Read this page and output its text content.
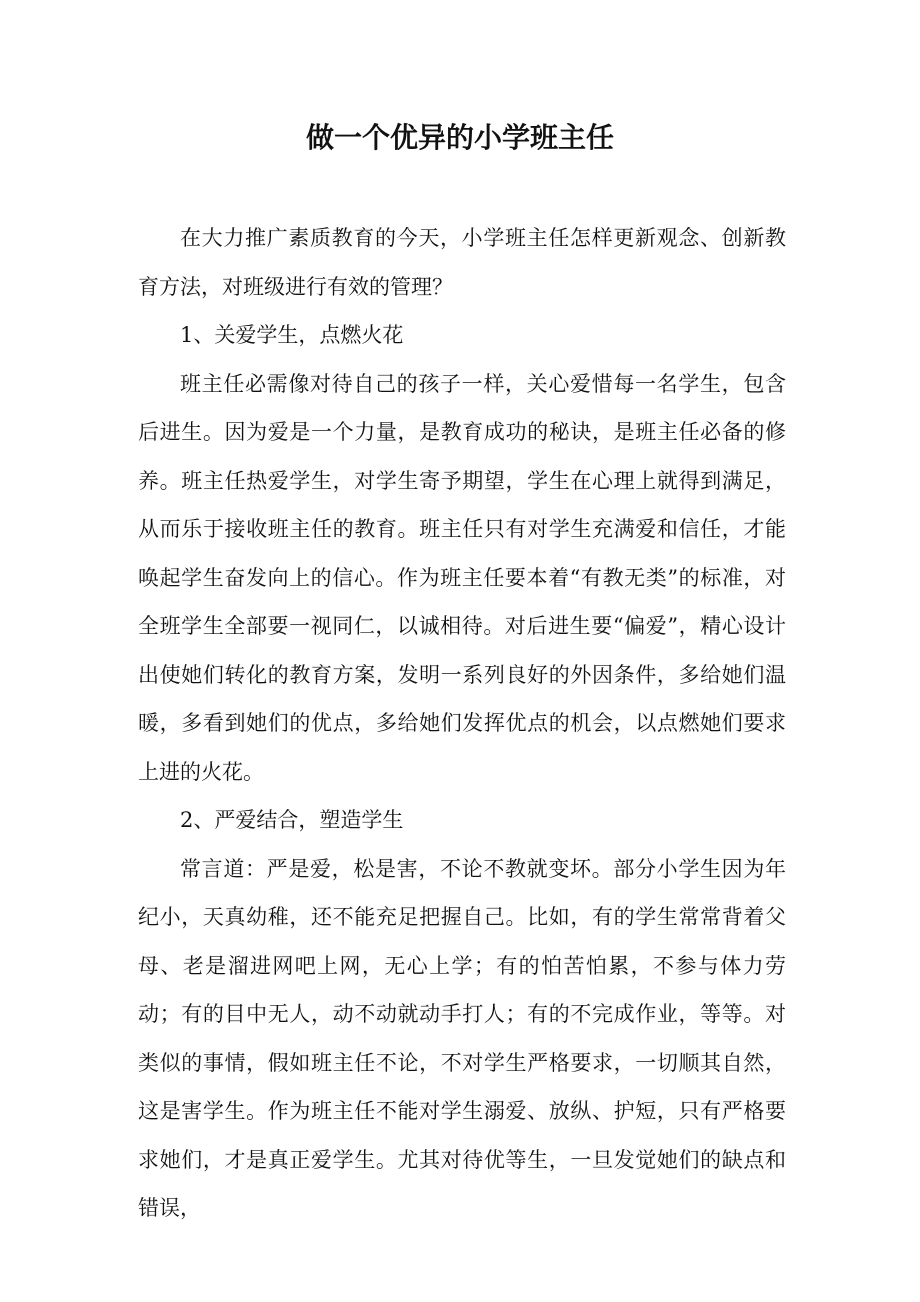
做一个优异的小学班主任

在大力推广素质教育的今天，小学班主任怎样更新观念、创新教育方法，对班级进行有效的管理？

1、关爱学生，点燃火花

班主任必需像对待自己的孩子一样，关心爱惜每一名学生，包含后进生。因为爱是一个力量，是教育成功的秘诀，是班主任必备的修养。班主任热爱学生，对学生寄予期望，学生在心理上就得到满足，从而乐于接收班主任的教育。班主任只有对学生充满爱和信任，才能唤起学生奋发向上的信心。作为班主任要本着“有教无类”的标准，对全班学生全部要一视同仁，以诚相待。对后进生要“偏爱”，精心设计出使她们转化的教育方案，发明一系列良好的外因条件，多给她们温暖，多看到她们的优点，多给她们发挥优点的机会，以点燃她们要求上进的火花。

2、严爱结合，塑造学生

常言道：严是爱，松是害，不论不教就变坏。部分小学生因为年纪小，天真幼稚，还不能充足把握自己。比如，有的学生常常背着父母、老是溜进网吧上网，无心上学；有的怕苦怕累，不参与体力劳动；有的目中无人，动不动就动手打人；有的不完成作业，等等。对类似的事情，假如班主任不论，不对学生严格要求，一切顺其自然，这是害学生。作为班主任不能对学生溺爱、放纵、护短，只有严格要求她们，才是真正爱学生。尤其对待优等生，一旦发觉她们的缺点和错误，
